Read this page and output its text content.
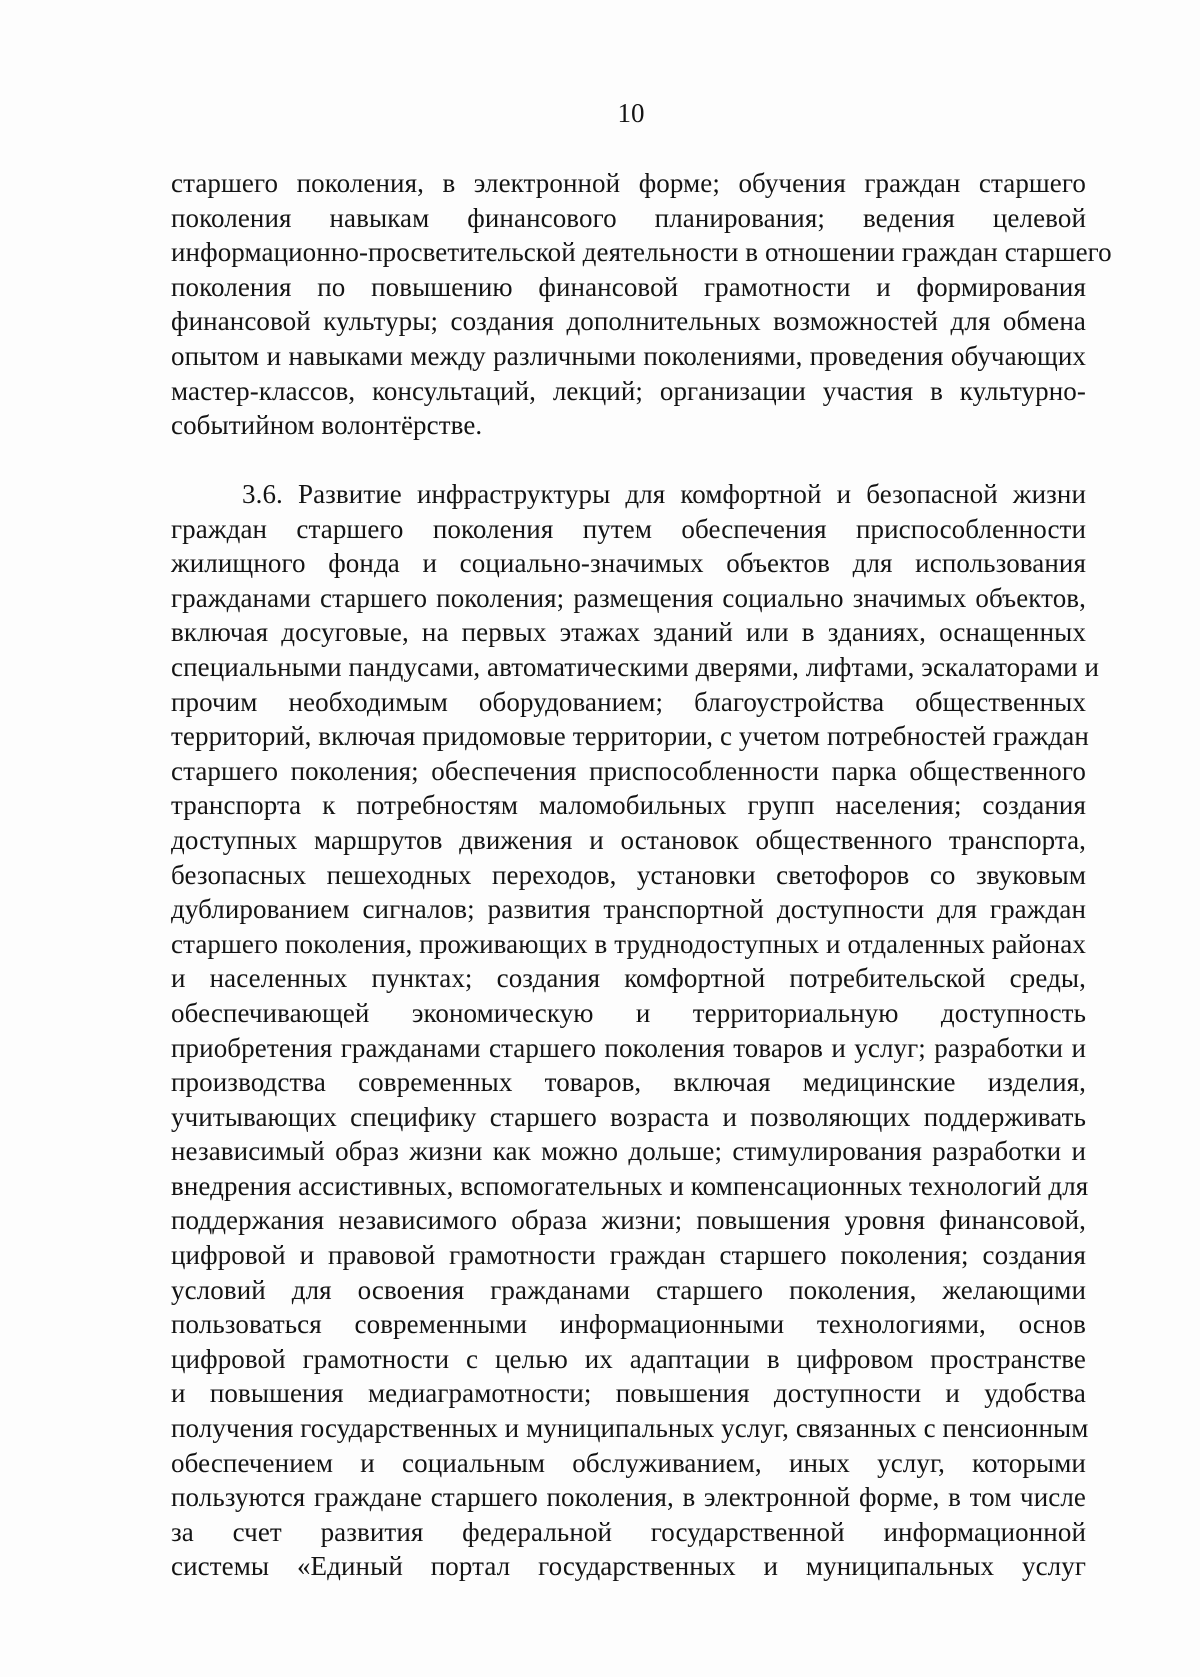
10
старшего поколения, в электронной форме; обучения граждан старшего
поколения навыкам финансового планирования; ведения целевой
информационно-просветительской деятельности в отношении граждан старшего
поколения по повышению финансовой грамотности и формирования
финансовой культуры; создания дополнительных возможностей для обмена
опытом и навыками между различными поколениями, проведения обучающих
мастер-классов, консультаций, лекций; организации участия в культурно-
событийном волонтёрстве.
3.6. Развитие инфраструктуры для комфортной и безопасной жизни
граждан старшего поколения путем обеспечения приспособленности
жилищного фонда и социально-значимых объектов для использования
гражданами старшего поколения; размещения социально значимых объектов,
включая досуговые, на первых этажах зданий или в зданиях, оснащенных
специальными пандусами, автоматическими дверями, лифтами, эскалаторами и
прочим необходимым оборудованием; благоустройства общественных
территорий, включая придомовые территории, с учетом потребностей граждан
старшего поколения; обеспечения приспособленности парка общественного
транспорта к потребностям маломобильных групп населения; создания
доступных маршрутов движения и остановок общественного транспорта,
безопасных пешеходных переходов, установки светофоров со звуковым
дублированием сигналов; развития транспортной доступности для граждан
старшего поколения, проживающих в труднодоступных и отдаленных районах
и населенных пунктах; создания комфортной потребительской среды,
обеспечивающей экономическую и территориальную доступность
приобретения гражданами старшего поколения товаров и услуг; разработки и
производства современных товаров, включая медицинские изделия,
учитывающих специфику старшего возраста и позволяющих поддерживать
независимый образ жизни как можно дольше; стимулирования разработки и
внедрения ассистивных, вспомогательных и компенсационных технологий для
поддержания независимого образа жизни; повышения уровня финансовой,
цифровой и правовой грамотности граждан старшего поколения; создания
условий для освоения гражданами старшего поколения, желающими
пользоваться современными информационными технологиями, основ
цифровой грамотности с целью их адаптации в цифровом пространстве
и повышения медиаграмотности; повышения доступности и удобства
получения государственных и муниципальных услуг, связанных с пенсионным
обеспечением и социальным обслуживанием, иных услуг, которыми
пользуются граждане старшего поколения, в электронной форме, в том числе
за счет развития федеральной государственной информационной
системы «Единый портал государственных и муниципальных услуг
